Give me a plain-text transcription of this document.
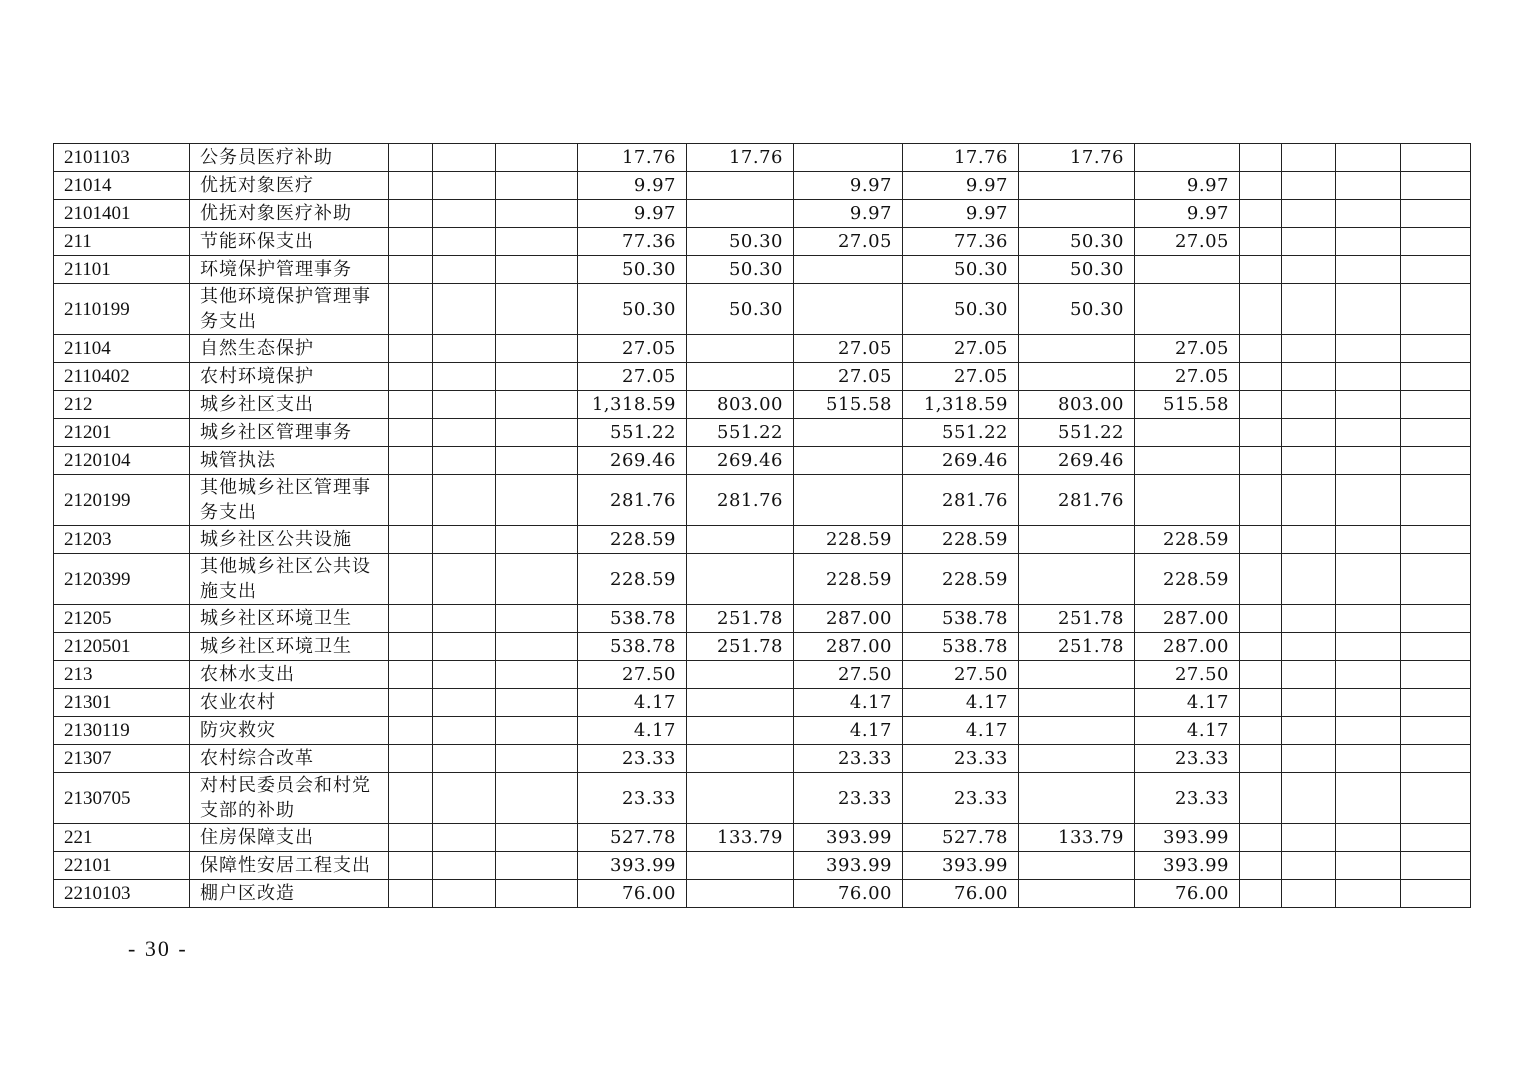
2101103	公务员医疗补助				17.76	17.76		17.76	17.76					
21014	优抚对象医疗				9.97		9.97	9.97		9.97				
2101401	优抚对象医疗补助				9.97		9.97	9.97		9.97				
211	节能环保支出				77.36	50.30	27.05	77.36	50.30	27.05				
21101	环境保护管理事务				50.30	50.30		50.30	50.30					
2110199	其他环境保护管理事务支出				50.30	50.30		50.30	50.30					
21104	自然生态保护				27.05		27.05	27.05		27.05				
2110402	农村环境保护				27.05		27.05	27.05		27.05				
212	城乡社区支出				1,318.59	803.00	515.58	1,318.59	803.00	515.58				
21201	城乡社区管理事务				551.22	551.22		551.22	551.22					
2120104	城管执法				269.46	269.46		269.46	269.46					
2120199	其他城乡社区管理事务支出				281.76	281.76		281.76	281.76					
21203	城乡社区公共设施				228.59		228.59	228.59		228.59				
2120399	其他城乡社区公共设施支出				228.59		228.59	228.59		228.59				
21205	城乡社区环境卫生				538.78	251.78	287.00	538.78	251.78	287.00				
2120501	城乡社区环境卫生				538.78	251.78	287.00	538.78	251.78	287.00				
213	农林水支出				27.50		27.50	27.50		27.50				
21301	农业农村				4.17		4.17	4.17		4.17				
2130119	防灾救灾				4.17		4.17	4.17		4.17				
21307	农村综合改革				23.33		23.33	23.33		23.33				
2130705	对村民委员会和村党支部的补助				23.33		23.33	23.33		23.33				
221	住房保障支出				527.78	133.79	393.99	527.78	133.79	393.99				
22101	保障性安居工程支出				393.99		393.99	393.99		393.99				
2210103	棚户区改造				76.00		76.00	76.00		76.00				
- 30 -
